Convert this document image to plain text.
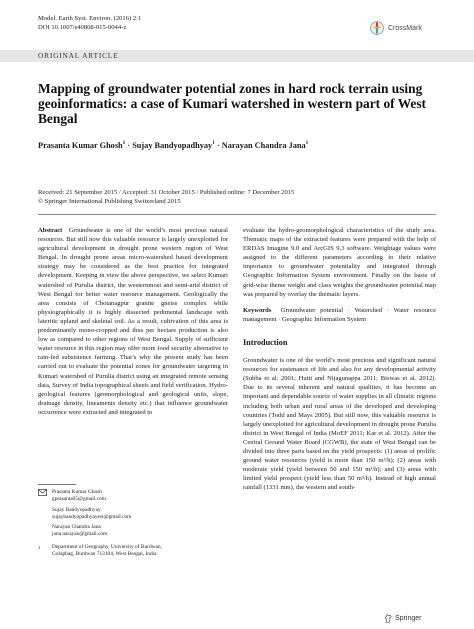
Model. Earth Syst. Environ. (2016) 2:1
DOI 10.1007/s40808-015-0044-z	CrossMark
ORIGINAL ARTICLE
Mapping of groundwater potential zones in hard rock terrain using geoinformatics: a case of Kumari watershed in western part of West Bengal
Prasanta Kumar Ghosh$^1$ · Sujay Bandyopadhyay$^1$ · Narayan Chandra Jana$^1$
Received: 21 September 2015 / Accepted: 31 October 2015 / Published online: 7 December 2015
© Springer International Publishing Switzerland 2015

Abstract Groundwater is one of the world’s most precious natural resources. But still now this valuable resource is largely unexploited for agricultural development in drought prone western region of West Bengal. In drought prone areas micro-watershed based development strategy may be considered as the best practice for integrated development. Keeping in view the above perspective, we select Kumari watershed of Purulia district, the westernmost and semi-arid district of West Bengal for better water resource management. Geologically the area consists of Chotanagpur granite gneiss complex while physiographically it is highly dissected pedimental landscape with lateritic upland and skeletal soil. As a result, cultivation of this area is predominantly mono-cropped and thus per hectare production is also low as compared to other regions of West Bengal. Supply of sufficient water resource in this region may offer more food security alternative to rain-fed subsistence farming. That’s why the present study has been carried out to evaluate the potential zones for groundwater targeting in Kumari watershed of Purulia district using an integrated remote sensing data, Survey of India topographical sheets and field verification. Hydro-geological features (geomorphological and geological units, slope, drainage density, lineaments density etc.) that influence groundwater occurrence were extracted and integrated to

Prasanta Kumar Ghosh
gprasanta05@gmail.com
Sujay Bandyopadhyay
sujaybandyopadhyayest@gmail.com
Narayan Chandra Jana
jana.narayan@gmail.com
1	Department of Geography, University of Burdwan,
Golapbag, Burdwan 713104, West Bengal, India

evaluate the hydro-geomorphological characteristics of the study area. Thematic maps of the extracted features were prepared with the help of ERDAS Imagine 9.0 and ArcGIS 9.3 software. Weightage values were assigned to the different parameters according to their relative importance to groundwater potentiality and integrated through Geographic Information System environment. Finally on the basis of grid-wise theme weight and class weights the groundwater potential map was prepared by overlay the thematic layers.

Keywords Groundwater potential · Watershed · Water resource management · Geographic Information System

Introduction

Groundwater is one of the world’s most precious and significant natural resources for sustenance of life and also for any developmental activity (Subba et al. 2001; Hutti and Nijagunappa 2011; Biswas et al. 2012). Due to its several inherent and natural qualities, it has become an important and dependable source of water supplies in all climatic regions including both urban and rural areas of the developed and developing countries (Todd and Mays 2005). But still now, this valuable resource is largely unexploited for agricultural development in drought prone Purulia district in West Bengal of India (MoEF 2011; Kar et al. 2012). After the Central Ground Water Board (CGWB), the state of West Bengal can be divided into three parts based on the yield prospects: (1) areas of prolific ground water resources (yield is more than 150 m³/h); (2) areas with moderate yield (yield between 50 and 150 m³/h); and (3) areas with limited yield prospect (yield less than 50 m³/h). Instead of high annual rainfall (1331 mm), the western and south-

Springer
